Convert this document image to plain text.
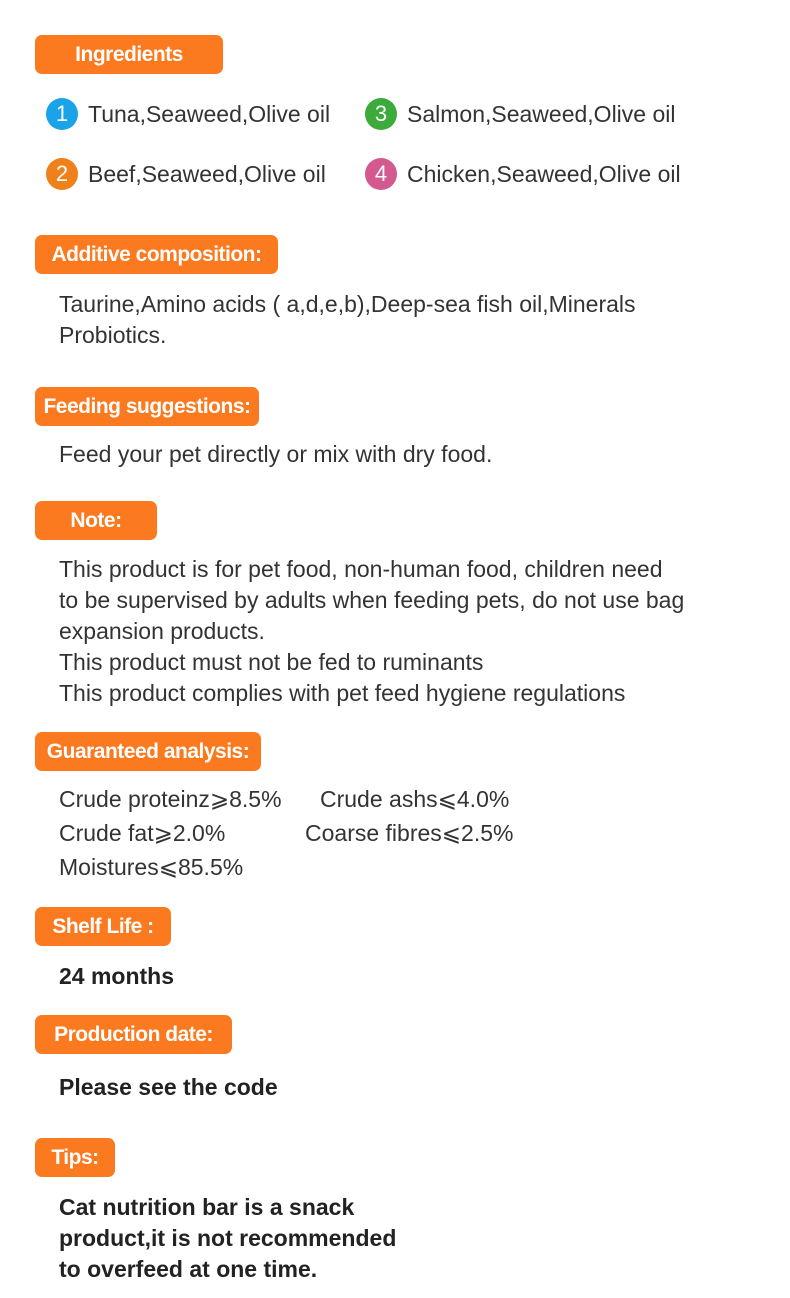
Ingredients
1 Tuna,Seaweed,Olive oil	3 Salmon,Seaweed,Olive oil
2 Beef,Seaweed,Olive oil	4 Chicken,Seaweed,Olive oil
Additive composition:
Taurine,Amino acids ( a,d,e,b),Deep-sea fish oil,Minerals
Probiotics.
Feeding suggestions:
Feed your pet directly or mix with dry food.
Note:
This product is for pet food, non-human food, children need
to be supervised by adults when feeding pets, do not use bag
expansion products.
This product must not be fed to ruminants
This product complies with pet feed hygiene regulations
Guaranteed analysis:
Crude proteinz⩾8.5% Crude ashs⩽4.0%
Crude fat⩾2.0%	Coarse fibres⩽2.5%
Moistures⩽85.5%
Shelf Life :
24 months
Production date:
Please see the code
Tips:
Cat nutrition bar is a snack
product,it is not recommended
to overfeed at one time.
